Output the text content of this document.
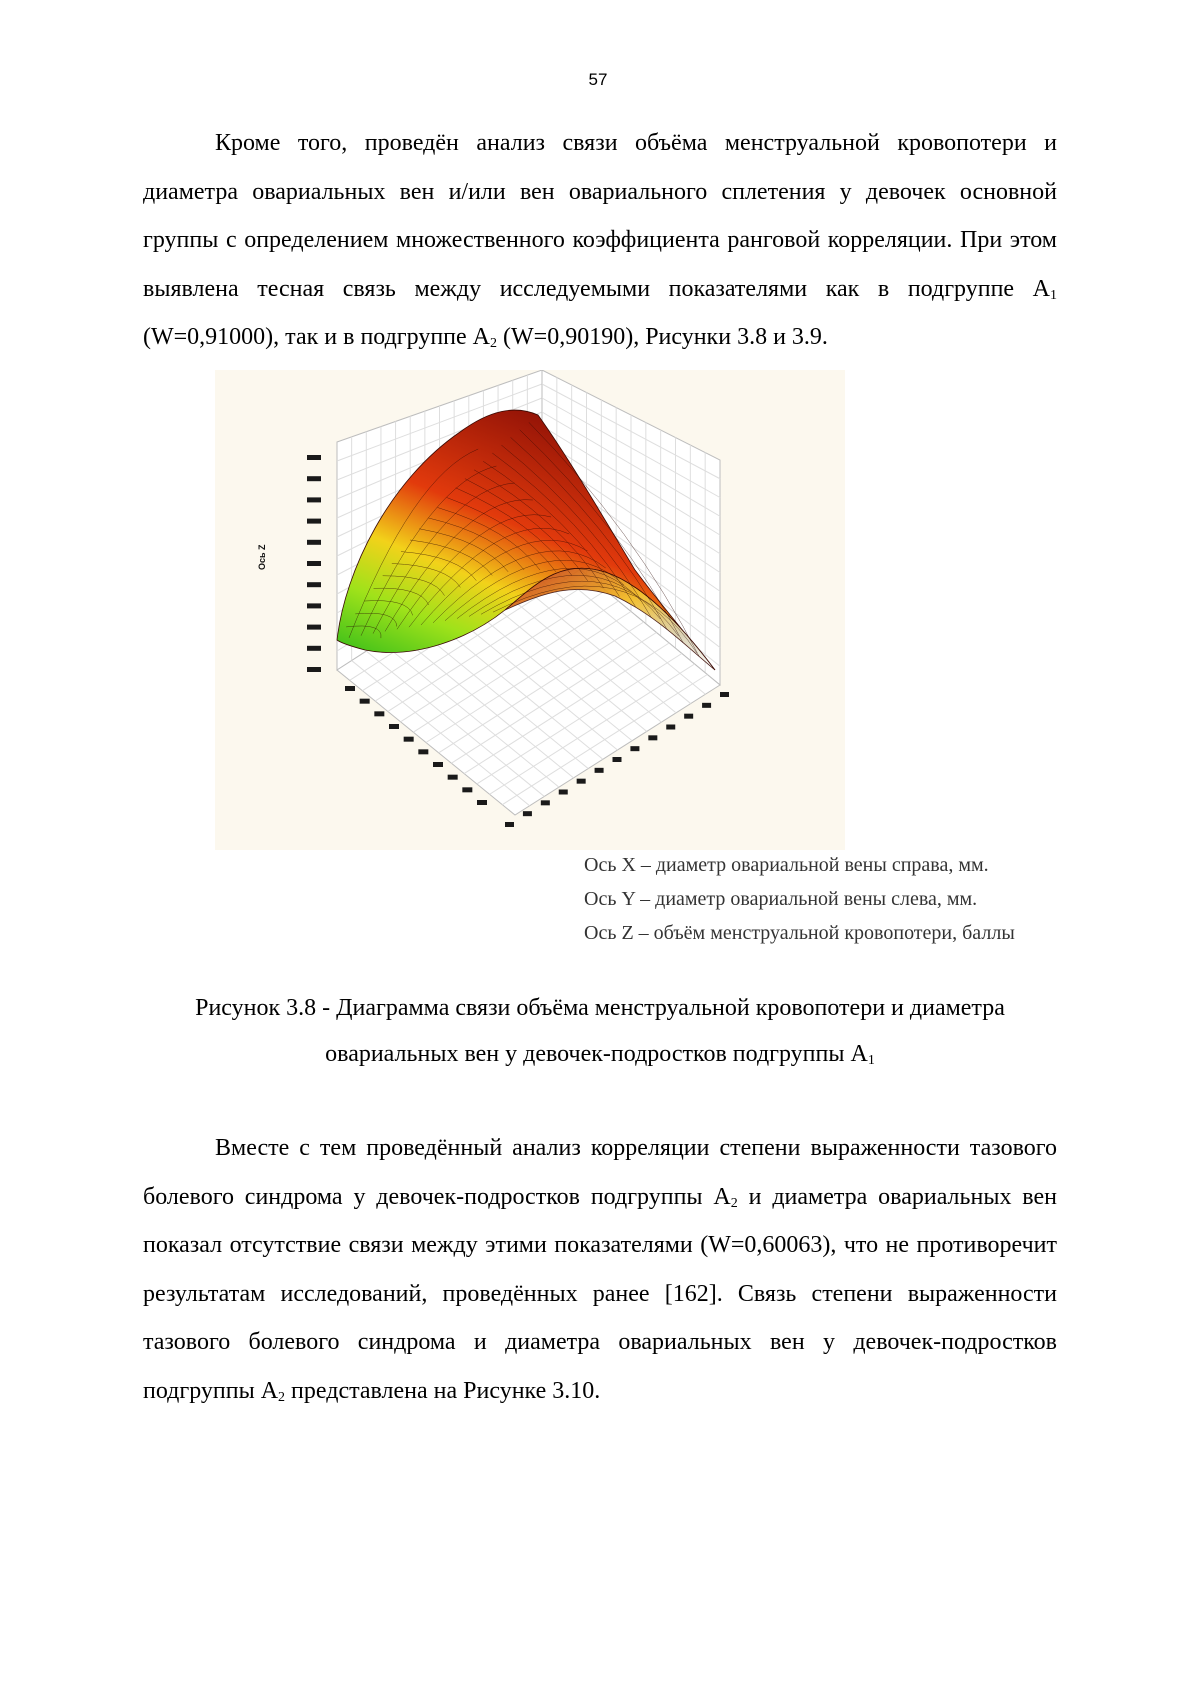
57

Кроме того, проведён анализ связи объёма менструальной кровопотери и диаметра овариальных вен и/или вен овариального сплетения у девочек основной группы с определением множественного коэффициента ранговой корреляции. При этом выявлена тесная связь между исследуемыми показателями как в подгруппе $А_1$ (W=0,91000), так и в подгруппе $А_2$ (W=0,90190), Рисунки 3.8 и 3.9.

Ось Z
Ось X – диаметр овариальной вены справа, мм.
Ось Y – диаметр овариальной вены слева, мм.
Ось Z – объём менструальной кровопотери, баллы
Рисунок 3.8 - Диаграмма связи объёма менструальной кровопотери и диаметра
овариальных вен у девочек-подростков подгруппы $А_1$

Вместе с тем проведённый анализ корреляции степени выраженности тазового болевого синдрома у девочек-подростков подгруппы $А_2$ и диаметра овариальных вен показал отсутствие связи между этими показателями (W=0,60063), что не противоречит результатам исследований, проведённых ранее [162]. Связь степени выраженности тазового болевого синдрома и диаметра овариальных вен у девочек-подростков подгруппы $А_2$ представлена на Рисунке 3.10.
